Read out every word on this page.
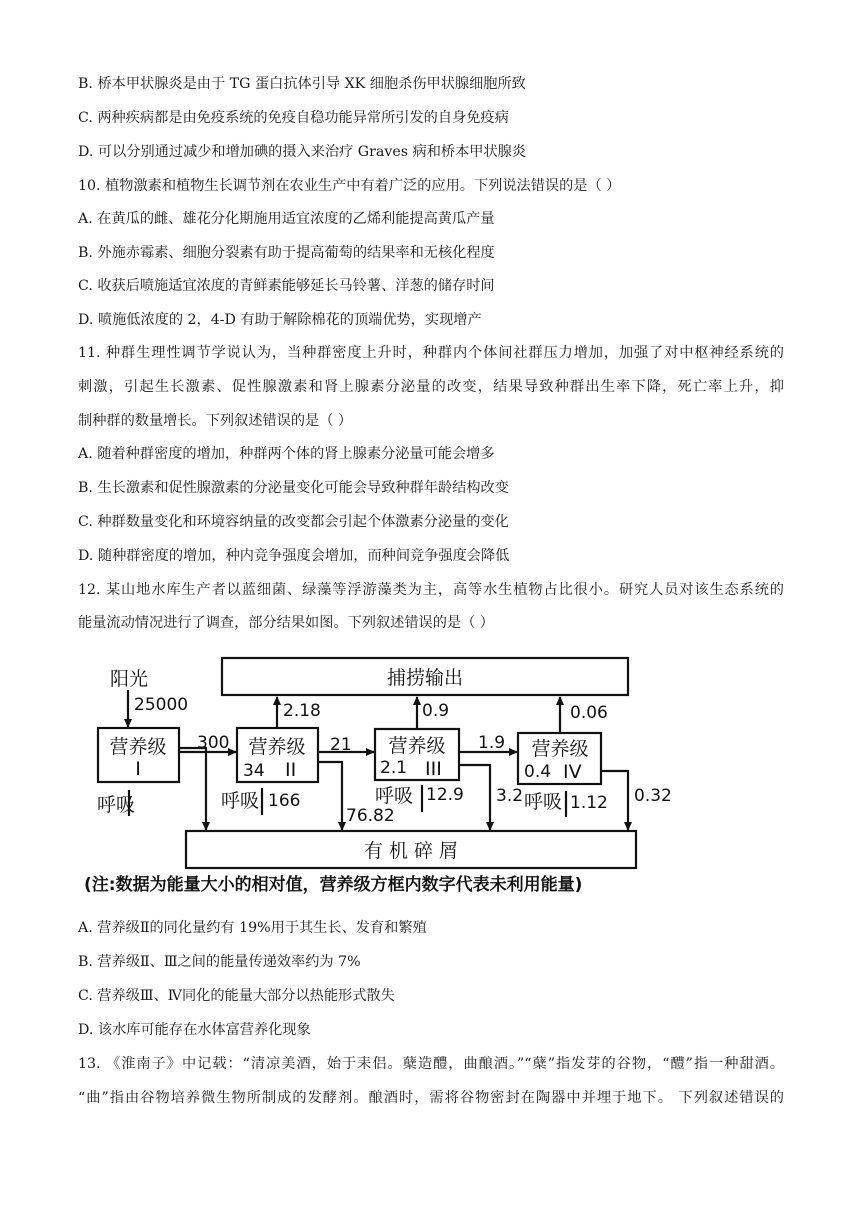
B. 桥本甲状腺炎是由于 TG 蛋白抗体引导 XK 细胞杀伤甲状腺细胞所致
C. 两种疾病都是由免疫系统的免疫自稳功能异常所引发的自身免疫病
D. 可以分别通过减少和增加碘的摄入来治疗 Graves 病和桥本甲状腺炎
10. 植物激素和植物生长调节剂在农业生产中有着广泛的应用。下列说法错误的是（ ）
A. 在黄瓜的雌、雄花分化期施用适宜浓度的乙烯利能提高黄瓜产量
B. 外施赤霉素、细胞分裂素有助于提高葡萄的结果率和无核化程度
C. 收获后喷施适宜浓度的青鲜素能够延长马铃薯、洋葱的储存时间
D. 喷施低浓度的 2，4-D 有助于解除棉花的顶端优势，实现增产
11. 种群生理性调节学说认为，当种群密度上升时，种群内个体间社群压力增加，加强了对中枢神经系统的
刺激，引起生长激素、促性腺激素和肾上腺素分泌量的改变，结果导致种群出生率下降，死亡率上升，抑
制种群的数量增长。下列叙述错误的是（ ）
A. 随着种群密度的增加，种群两个体的肾上腺素分泌量可能会增多
B. 生长激素和促性腺激素的分泌量变化可能会导致种群年龄结构改变
C. 种群数量变化和环境容纳量的改变都会引起个体激素分泌量的变化
D. 随种群密度的增加，种内竞争强度会增加，而种间竞争强度会降低
12. 某山地水库生产者以蓝细菌、绿藻等浮游藻类为主，高等水生植物占比很小。研究人员对该生态系统的
能量流动情况进行了调查，部分结果如图。下列叙述错误的是（ ）
捕捞输出
有 机 碎 屑
阳光
25000
营养级
I
呼吸
300 营养级
34 II
2.18
呼吸 166
76.82
21 营养级
2.1 III
0.9
呼吸 12.9 3.2
1.9 营养级
0.4 IV
0.06
呼吸 1.12 0.32
(注:数据为能量大小的相对值，营养级方框内数字代表未利用能量)
A. 营养级Ⅱ的同化量约有 19%用于其生长、发育和繁殖
B. 营养级Ⅱ、Ⅲ之间的能量传递效率约为 7%
C. 营养级Ⅲ、Ⅳ同化的能量大部分以热能形式散失
D. 该水库可能存在水体富营养化现象
13. 《淮南子》中记载：“清凉美酒，始于耒侣。蘖造醴，曲酿酒。”“蘖”指发芽的谷物，“醴”指一种甜酒。
“曲”指由谷物培养微生物所制成的发酵剂。酿酒时，需将谷物密封在陶器中并埋于地下。 下列叙述错误的
